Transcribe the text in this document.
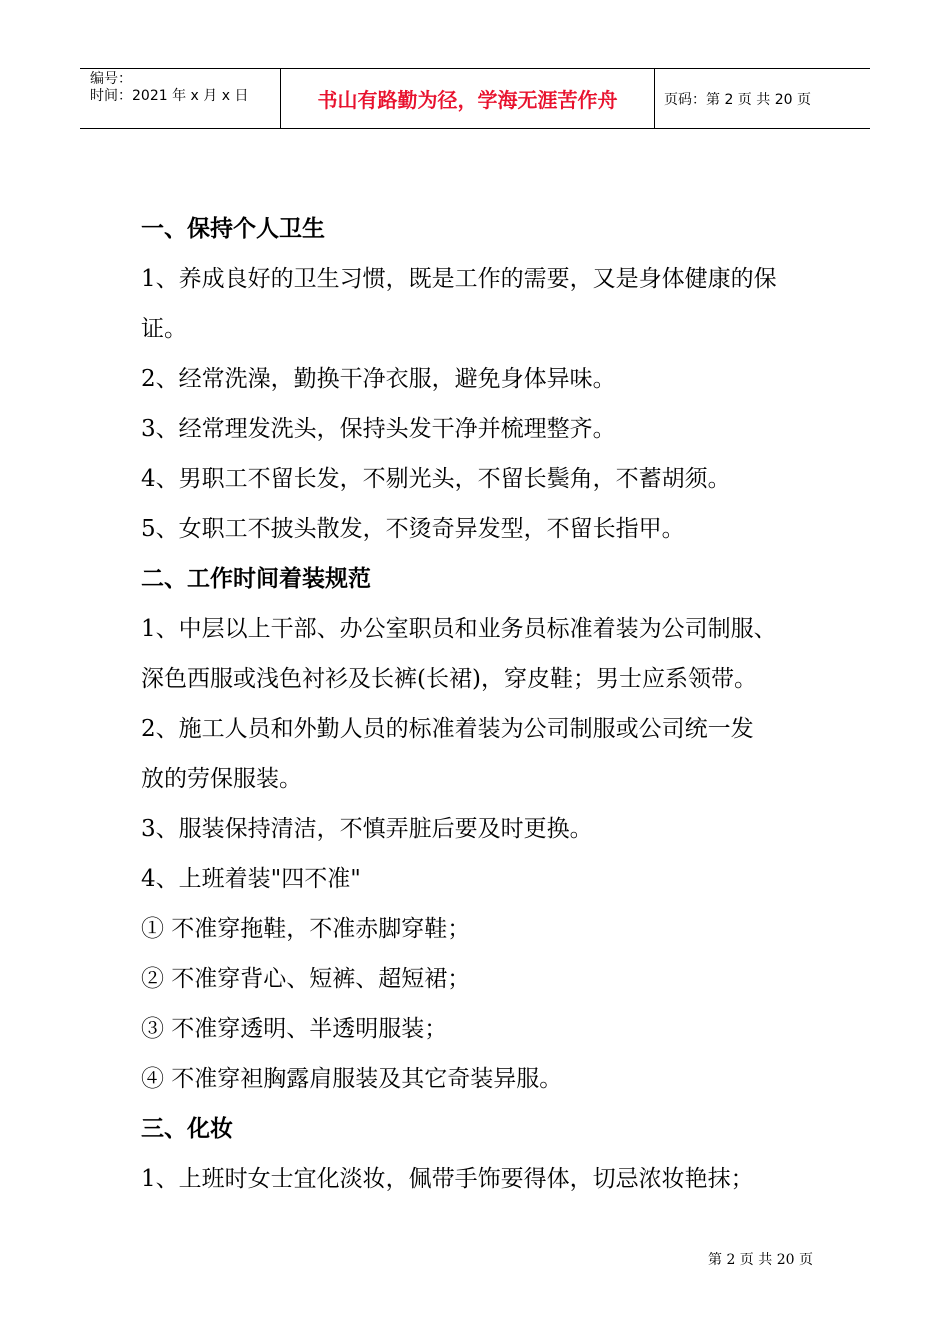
编号：
时间：2021 年 x 月 x 日	书山有路勤为径，学海无涯苦作舟	页码：第 2 页 共 20 页
一、保持个人卫生
1、养成良好的卫生习惯，既是工作的需要，又是身体健康的保
证。
2、经常洗澡，勤换干净衣服，避免身体异味。
3、经常理发洗头，保持头发干净并梳理整齐。
4、男职工不留长发，不剔光头，不留长鬓角，不蓄胡须。
5、女职工不披头散发，不烫奇异发型，不留长指甲。
二、工作时间着装规范
1、中层以上干部、办公室职员和业务员标准着装为公司制服、
深色西服或浅色衬衫及长裤(长裙)，穿皮鞋；男士应系领带。
2、施工人员和外勤人员的标准着装为公司制服或公司统一发
放的劳保服装。
3、服装保持清洁，不慎弄脏后要及时更换。
4、上班着装"四不准"
① 不准穿拖鞋，不准赤脚穿鞋；
② 不准穿背心、短裤、超短裙；
③ 不准穿透明、半透明服装；
④ 不准穿袒胸露肩服装及其它奇装异服。
三、化妆
1、上班时女士宜化淡妆，佩带手饰要得体，切忌浓妆艳抹；
第 2 页 共 20 页
